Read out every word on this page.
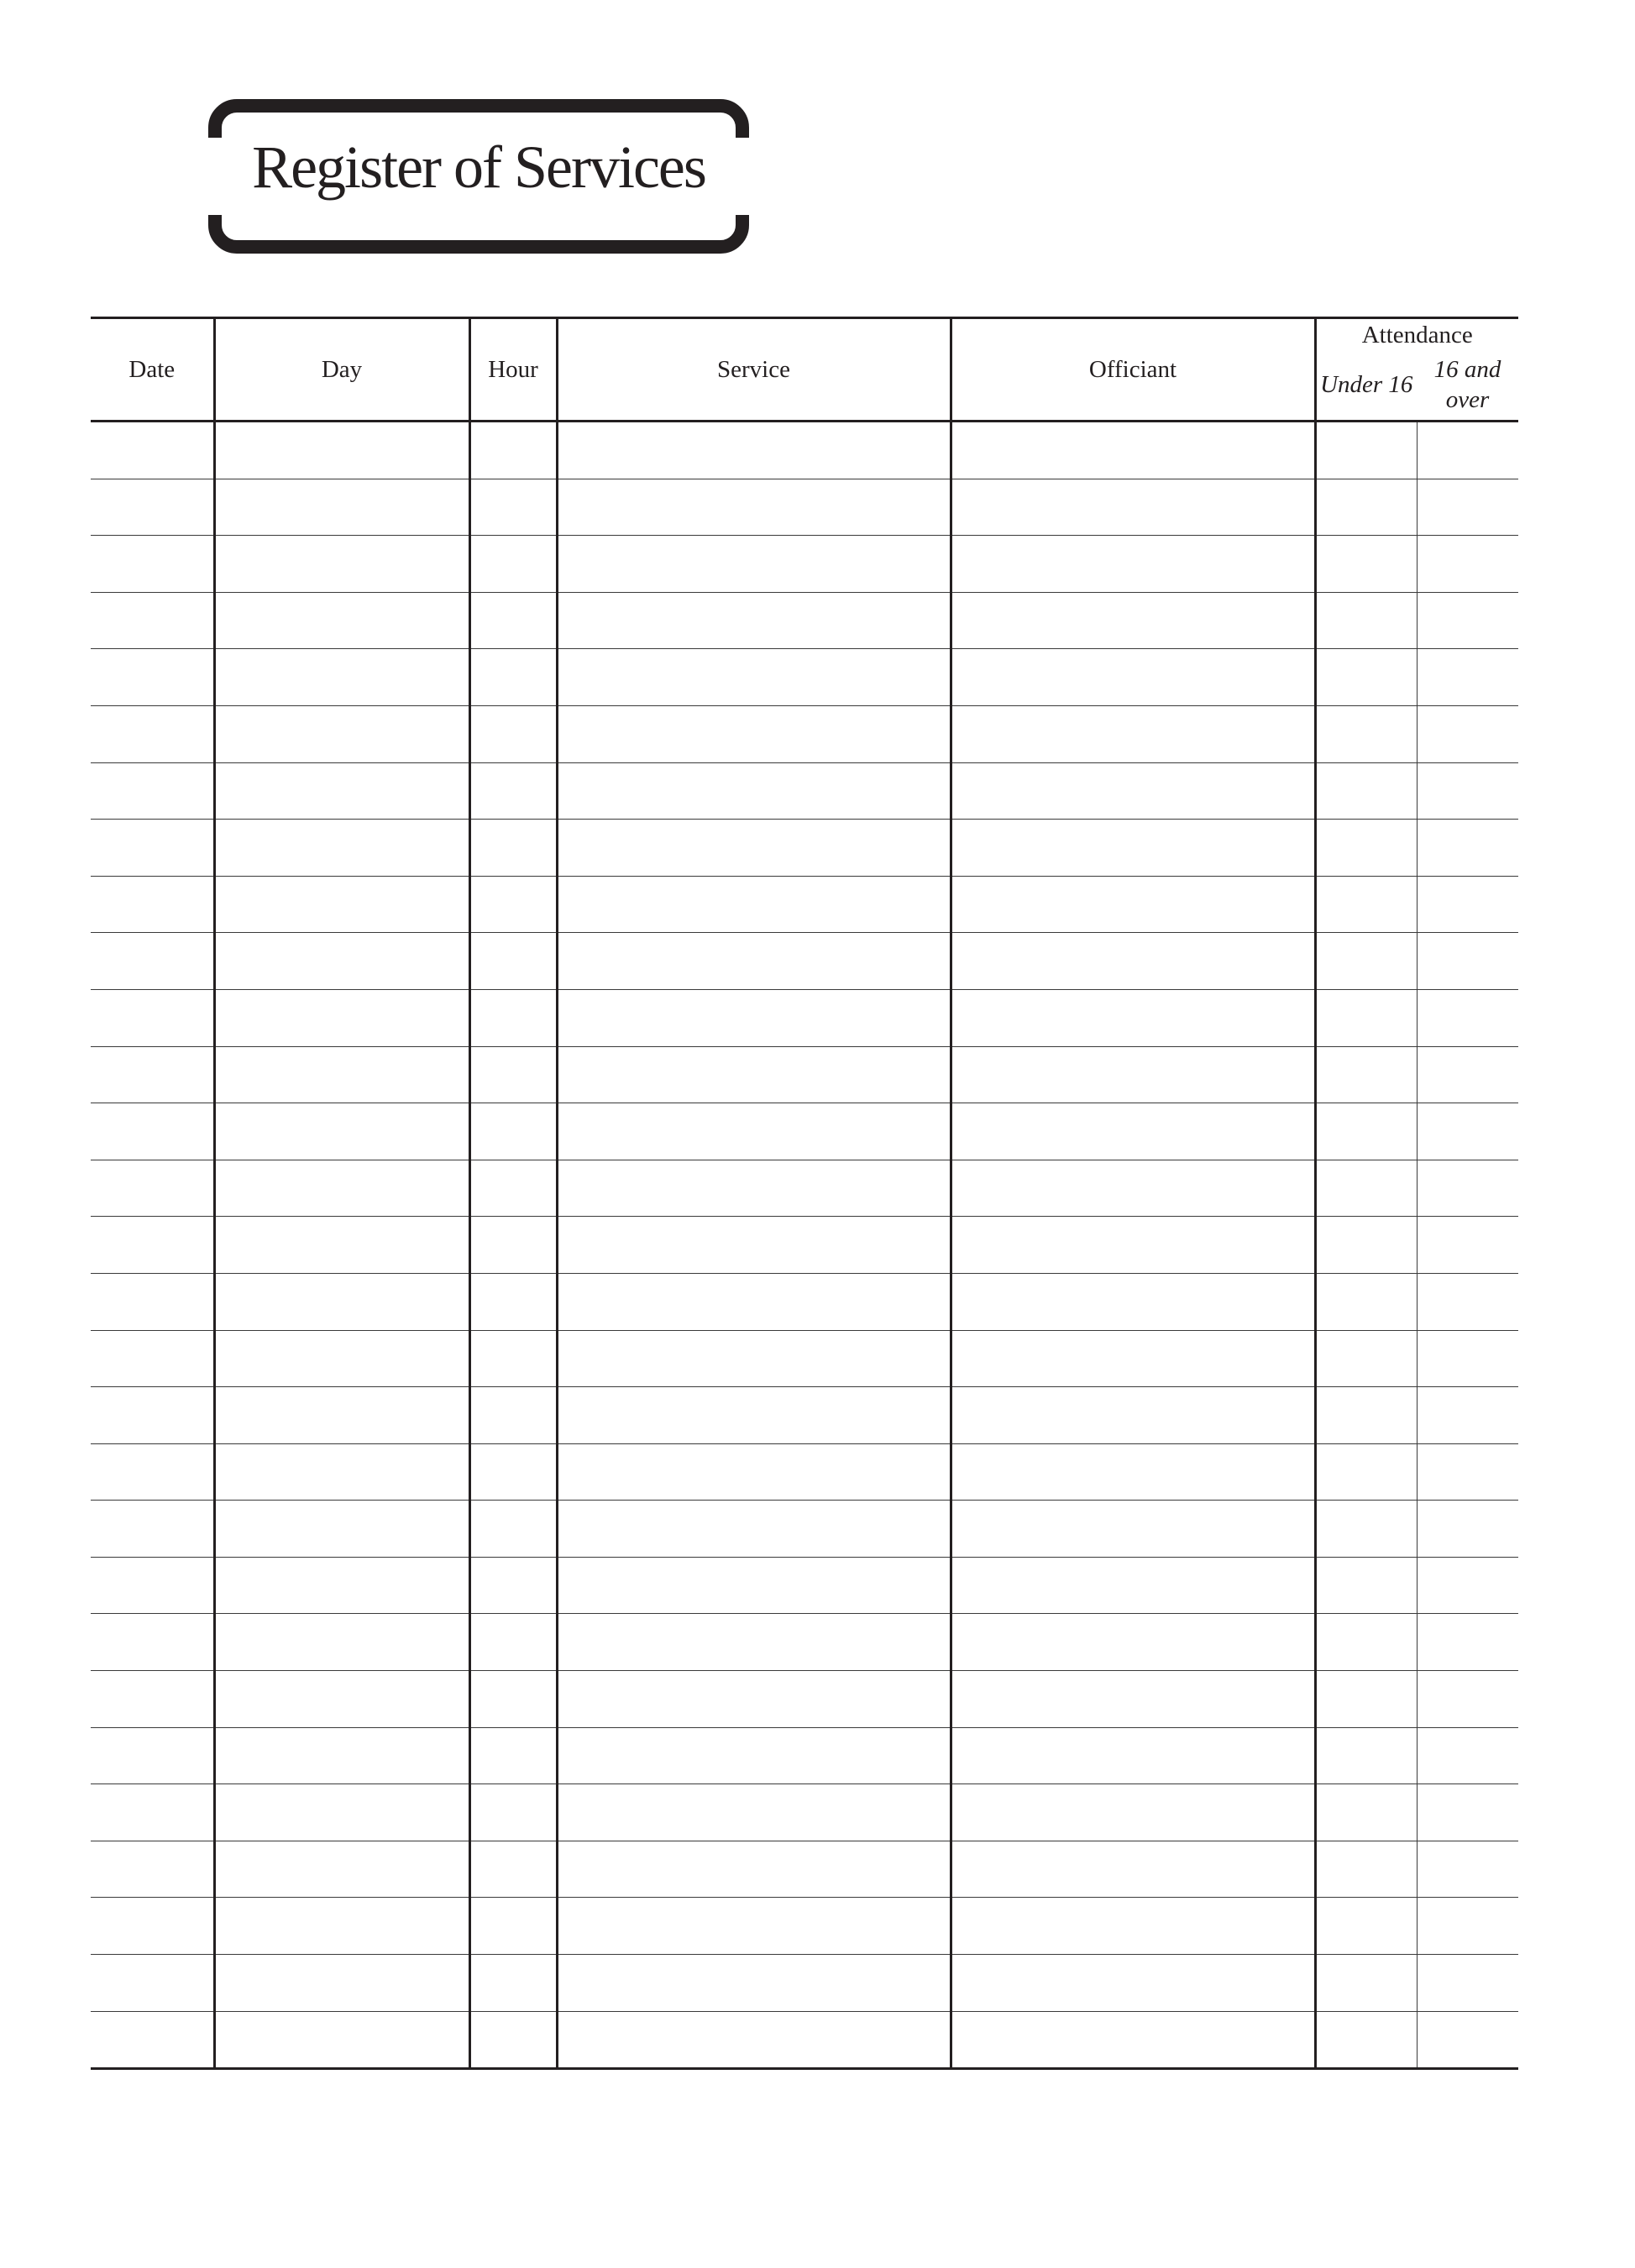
Register of Services
Date	Day	Hour	Service	Officiant	Attendance	
					Under 16	16 and over
